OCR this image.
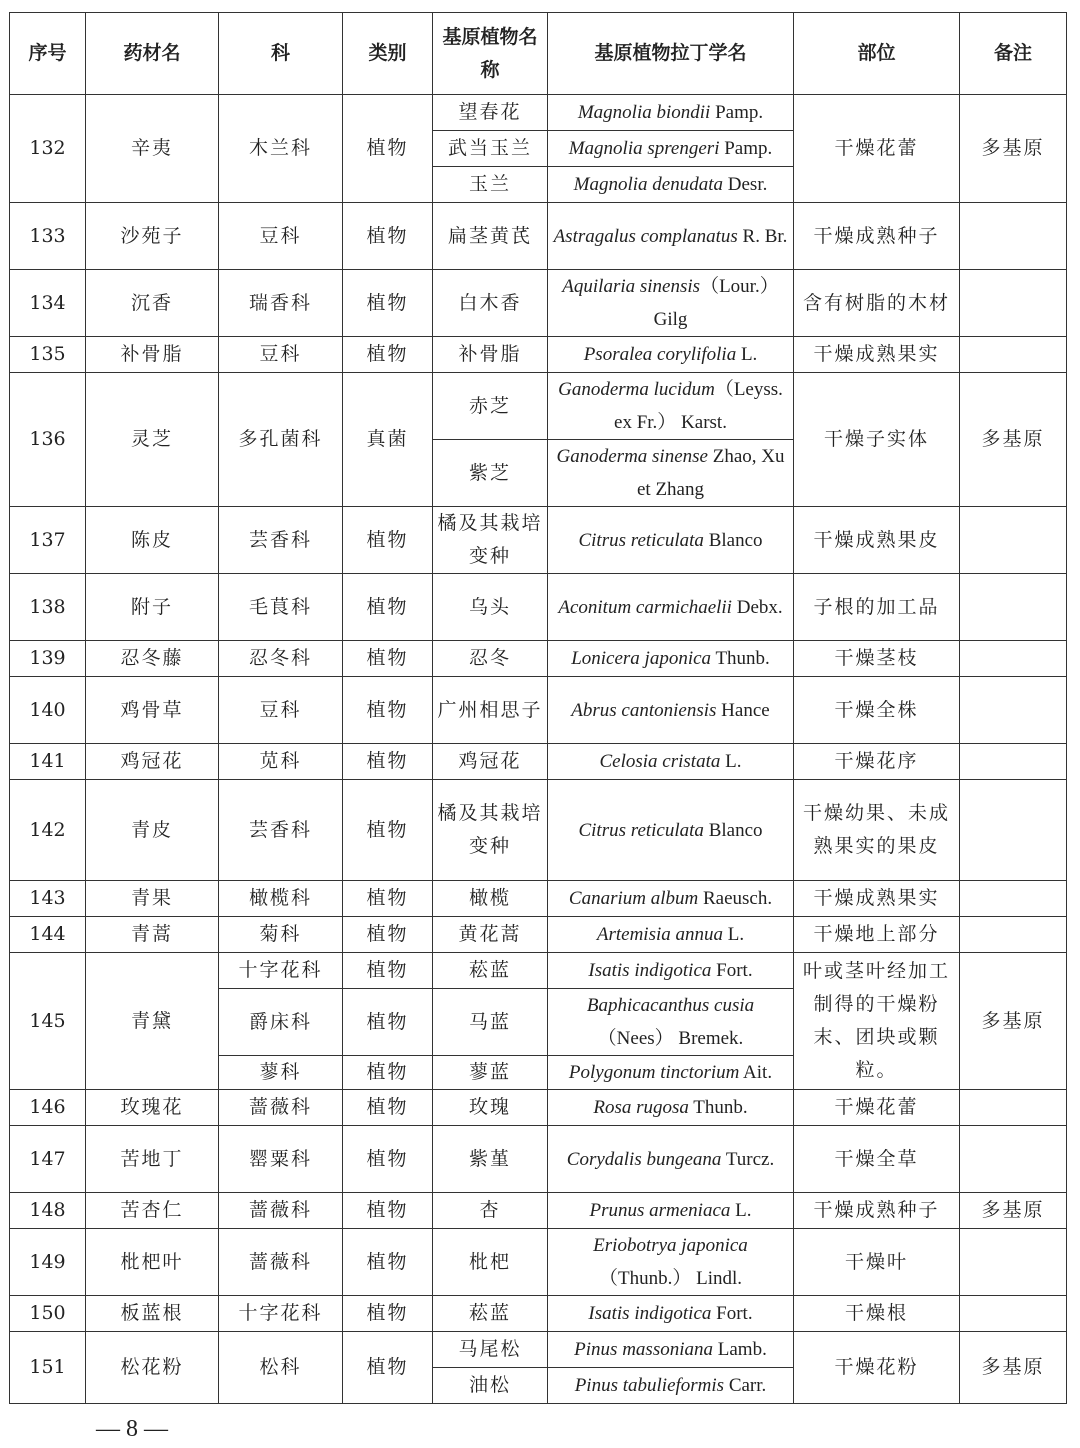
序号	药材名	科	类别	基原植物名称	基原植物拉丁学名	部位	备注
132	辛夷	木兰科	植物	望春花	Magnolia biondii Pamp.	干燥花蕾	多基原
				武当玉兰	Magnolia sprengeri Pamp.		
				玉兰	Magnolia denudata Desr.		
133	沙苑子	豆科	植物	扁茎黄芪	Astragalus complanatus R. Br.	干燥成熟种子	
134	沉香	瑞香科	植物	白木香	Aquilaria sinensis（Lour.） Gilg	含有树脂的木材	
135	补骨脂	豆科	植物	补骨脂	Psoralea corylifolia L.	干燥成熟果实	
136	灵芝	多孔菌科	真菌	赤芝	Ganoderma lucidum（Leyss. ex Fr.） Karst.	干燥子实体	多基原
				紫芝	Ganoderma sinense Zhao, Xu et Zhang		
137	陈皮	芸香科	植物	橘及其栽培变种	Citrus reticulata Blanco	干燥成熟果皮	
138	附子	毛茛科	植物	乌头	Aconitum carmichaelii Debx.	子根的加工品	
139	忍冬藤	忍冬科	植物	忍冬	Lonicera japonica Thunb.	干燥茎枝	
140	鸡骨草	豆科	植物	广州相思子	Abrus cantoniensis Hance	干燥全株	
141	鸡冠花	苋科	植物	鸡冠花	Celosia cristata L.	干燥花序	
142	青皮	芸香科	植物	橘及其栽培变种	Citrus reticulata Blanco	干燥幼果、未成熟果实的果皮	
143	青果	橄榄科	植物	橄榄	Canarium album Raeusch.	干燥成熟果实	
144	青蒿	菊科	植物	黄花蒿	Artemisia annua L.	干燥地上部分	
145	青黛	十字花科	植物	菘蓝	Isatis indigotica Fort.	叶或茎叶经加工制得的干燥粉末、团块或颗粒。	多基原
		爵床科	植物	马蓝	Baphicacanthus cusia（Nees） Bremek.		
		蓼科	植物	蓼蓝	Polygonum tinctorium Ait.		
146	玫瑰花	蔷薇科	植物	玫瑰	Rosa rugosa Thunb.	干燥花蕾	
147	苦地丁	罂粟科	植物	紫堇	Corydalis bungeana Turcz.	干燥全草	
148	苦杏仁	蔷薇科	植物	杏	Prunus armeniaca L.	干燥成熟种子	多基原
149	枇杷叶	蔷薇科	植物	枇杷	Eriobotrya japonica（Thunb.） Lindl.	干燥叶	
150	板蓝根	十字花科	植物	菘蓝	Isatis indigotica Fort.	干燥根	
151	松花粉	松科	植物	马尾松	Pinus massoniana Lamb.	干燥花粉	多基原
				油松	Pinus tabulieformis Carr.		
— 8 —
